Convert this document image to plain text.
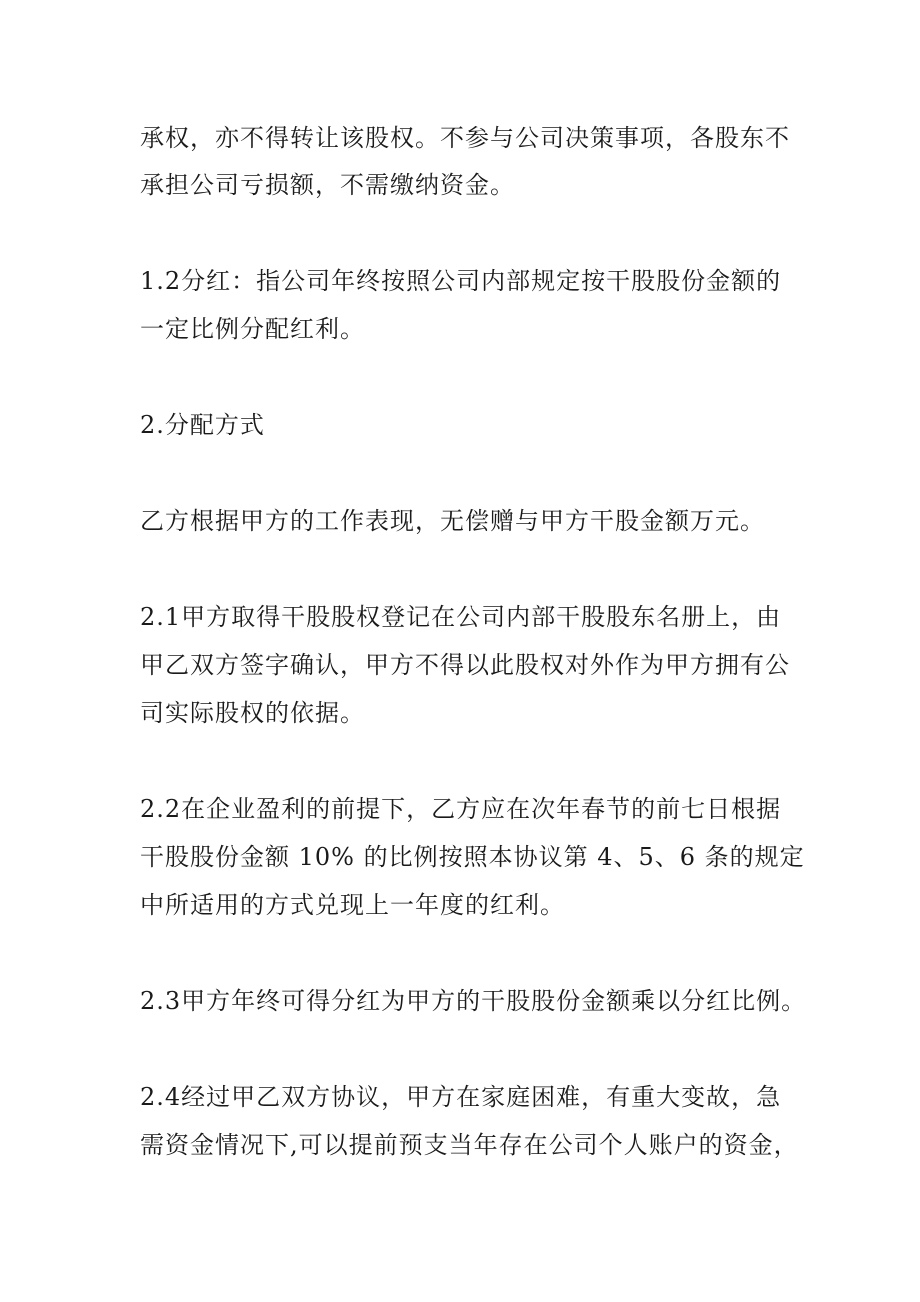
承权，亦不得转让该股权。不参与公司决策事项，各股东不

承担公司亏损额，不需缴纳资金。

1.2分红：指公司年终按照公司内部规定按干股股份金额的

一定比例分配红利。

2.分配方式

乙方根据甲方的工作表现，无偿赠与甲方干股金额万元。

2.1甲方取得干股股权登记在公司内部干股股东名册上，由

甲乙双方签字确认，甲方不得以此股权对外作为甲方拥有公

司实际股权的依据。

2.2在企业盈利的前提下，乙方应在次年春节的前七日根据

干股股份金额 10% 的比例按照本协议第 4、5、6 条的规定

中所适用的方式兑现上一年度的红利。

2.3甲方年终可得分红为甲方的干股股份金额乘以分红比例。

2.4经过甲乙双方协议，甲方在家庭困难，有重大变故，急

需资金情况下,可以提前预支当年存在公司个人账户的资金，
